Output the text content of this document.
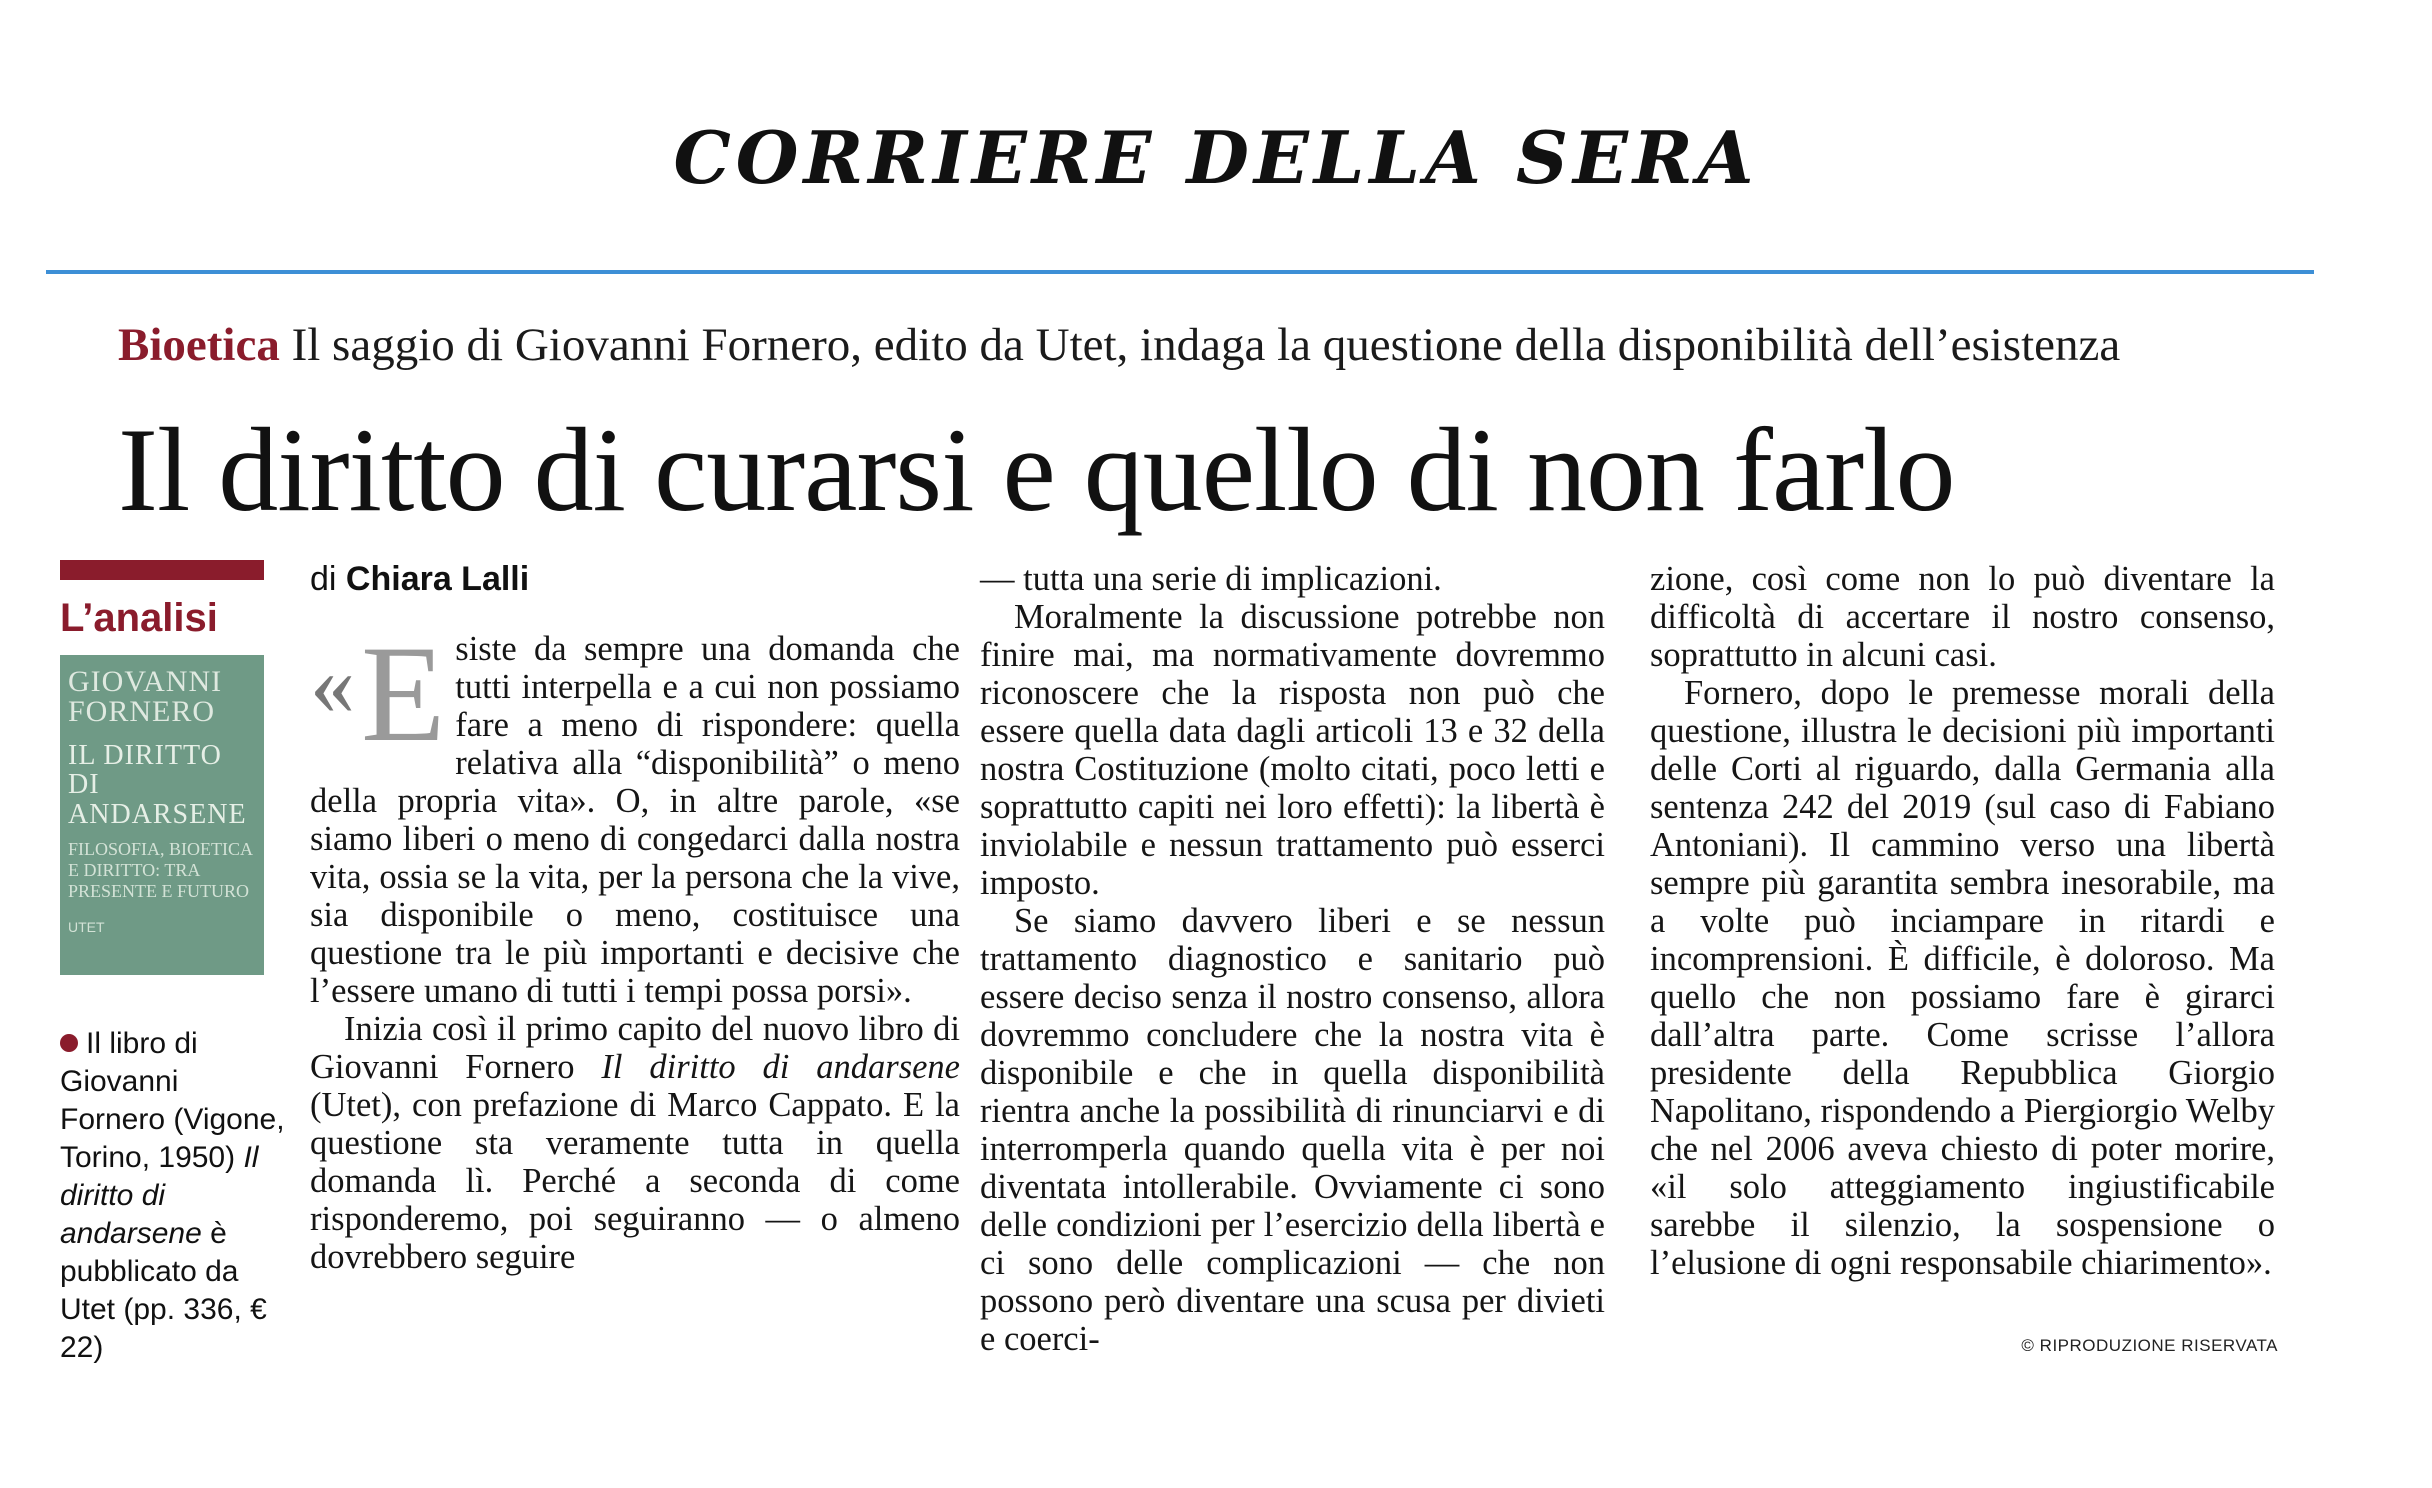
CORRIERE DELLA SERA
Bioetica Il saggio di Giovanni Fornero, edito da Utet, indaga la questione della disponibilità dell’esistenza
Il diritto di curarsi e quello di non farlo
L’analisi
GIOVANNI FORNERO
IL DIRITTO DI ANDARSENE
FILOSOFIA, BIOETICA E DIRITTO: TRA PRESENTE E FUTURO
UTET
Il libro di Giovanni Fornero (Vigone, Torino, 1950) Il diritto di andarsene è pubblicato da Utet (pp. 336, € 22)
di Chiara Lalli

« E siste da sempre una domanda che tutti interpella e a cui non possiamo fare a meno di rispondere: quella relativa alla “disponibilità” o meno della propria vita». O, in altre parole, «se siamo liberi o meno di congedarci dalla nostra vita, ossia se la vita, per la persona che la vive, sia disponibile o meno, costituisce una questione tra le più importanti e decisive che l’essere umano di tutti i tempi possa porsi».

Inizia così il primo capito del nuovo libro di Giovanni Fornero Il diritto di andarsene (Utet), con prefazione di Marco Cappato. E la questione sta veramente tutta in quella domanda lì. Perché a seconda di come risponderemo, poi seguiranno — o almeno dovrebbero seguire

— tutta una serie di implicazioni.

Moralmente la discussione potrebbe non finire mai, ma normativamente dovremmo riconoscere che la risposta non può che essere quella data dagli articoli 13 e 32 della nostra Costituzione (molto citati, poco letti e soprattutto capiti nei loro effetti): la libertà è inviolabile e nessun trattamento può esserci imposto.

Se siamo davvero liberi e se nessun trattamento diagnostico e sanitario può essere deciso senza il nostro consenso, allora dovremmo concludere che la nostra vita è disponibile e che in quella disponibilità rientra anche la possibilità di rinunciarvi e di interromperla quando quella vita è per noi diventata intollerabile. Ovviamente ci sono delle condizioni per l’esercizio della libertà e ci sono delle complicazioni — che non possono però diventare una scusa per divieti e coerci-

zione, così come non lo può diventare la difficoltà di accertare il nostro consenso, soprattutto in alcuni casi.

Fornero, dopo le premesse morali della questione, illustra le decisioni più importanti delle Corti al riguardo, dalla Germania alla sentenza 242 del 2019 (sul caso di Fabiano Antoniani). Il cammino verso una libertà sempre più garantita sembra inesorabile, ma a volte può inciampare in ritardi e incomprensioni. È difficile, è doloroso. Ma quello che non possiamo fare è girarci dall’altra parte. Come scrisse l’allora presidente della Repubblica Giorgio Napolitano, rispondendo a Piergiorgio Welby che nel 2006 aveva chiesto di poter morire, «il solo atteggiamento ingiustificabile sarebbe il silenzio, la sospensione o l’elusione di ogni responsabile chiarimento».

© RIPRODUZIONE RISERVATA
